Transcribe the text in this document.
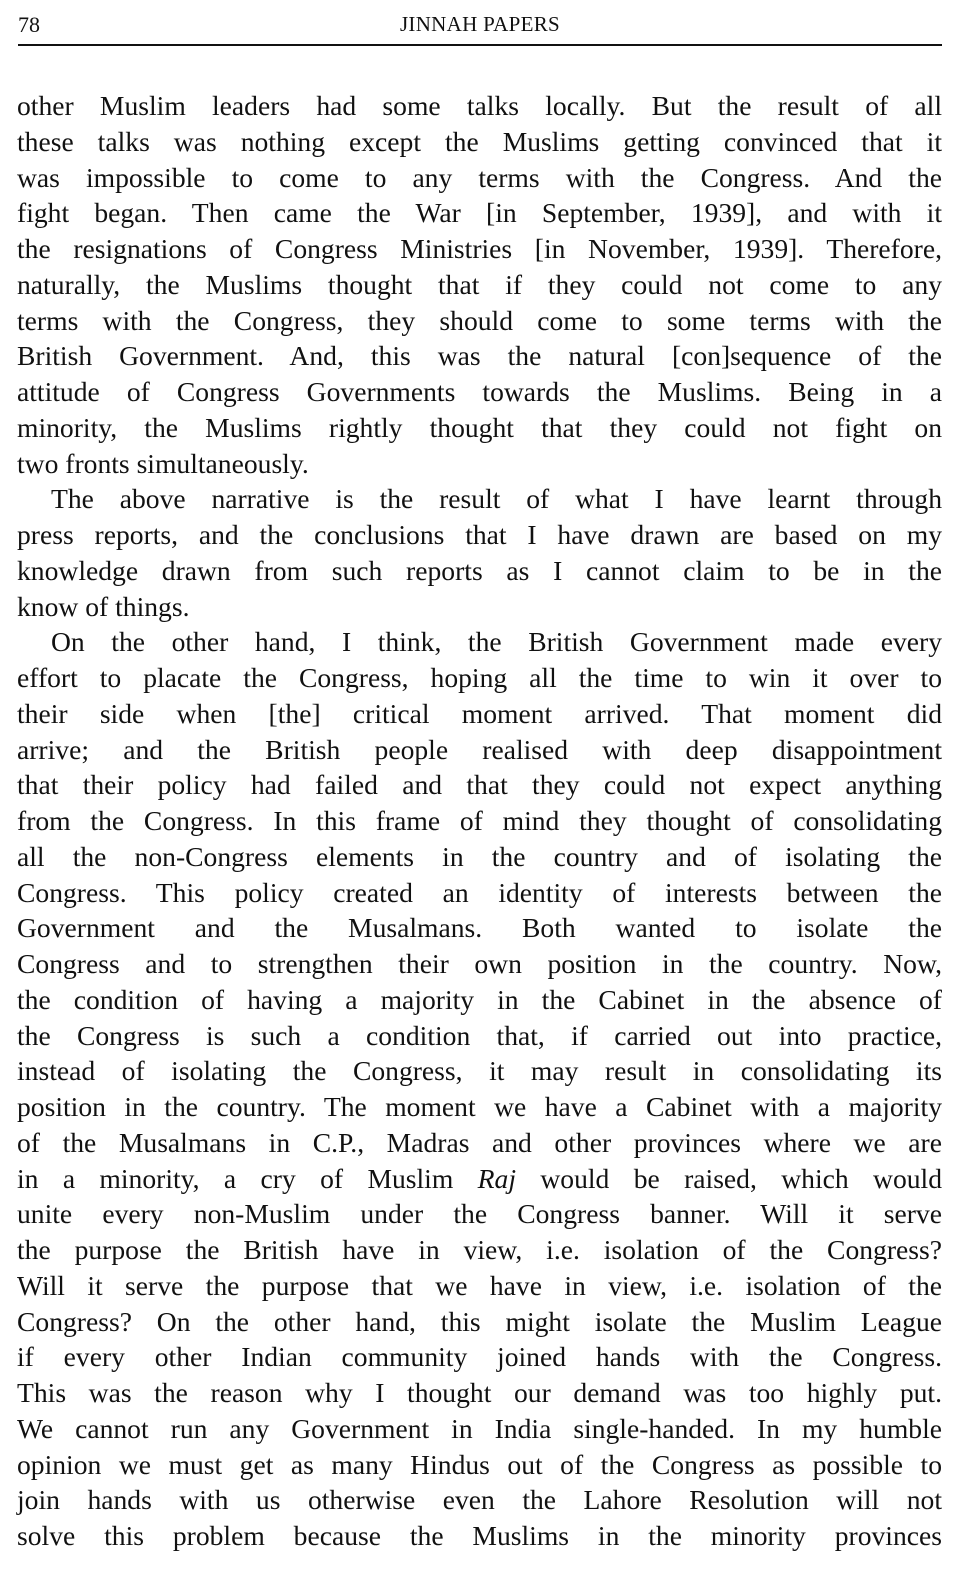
78	JINNAH PAPERS
other Muslim leaders had some talks locally. But the result of all
these talks was nothing except the Muslims getting convinced that it
was impossible to come to any terms with the Congress. And the
fight began. Then came the War [in September, 1939], and with it
the resignations of Congress Ministries [in November, 1939]. Therefore,
naturally, the Muslims thought that if they could not come to any
terms with the Congress, they should come to some terms with the
British Government. And, this was the natural [con]sequence of the
attitude of Congress Governments towards the Muslims. Being in a
minority, the Muslims rightly thought that they could not fight on
two fronts simultaneously.
The above narrative is the result of what I have learnt through
press reports, and the conclusions that I have drawn are based on my
knowledge drawn from such reports as I cannot claim to be in the
know of things.
On the other hand, I think, the British Government made every
effort to placate the Congress, hoping all the time to win it over to
their side when [the] critical moment arrived. That moment did
arrive; and the British people realised with deep disappointment
that their policy had failed and that they could not expect anything
from the Congress. In this frame of mind they thought of consolidating
all the non-Congress elements in the country and of isolating the
Congress. This policy created an identity of interests between the
Government and the Musalmans. Both wanted to isolate the
Congress and to strengthen their own position in the country. Now,
the condition of having a majority in the Cabinet in the absence of
the Congress is such a condition that, if carried out into practice,
instead of isolating the Congress, it may result in consolidating its
position in the country. The moment we have a Cabinet with a majority
of the Musalmans in C.P., Madras and other provinces where we are
in a minority, a cry of Muslim Raj would be raised, which would
unite every non-Muslim under the Congress banner. Will it serve
the purpose the British have in view, i.e. isolation of the Congress?
Will it serve the purpose that we have in view, i.e. isolation of the
Congress? On the other hand, this might isolate the Muslim League
if every other Indian community joined hands with the Congress.
This was the reason why I thought our demand was too highly put.
We cannot run any Government in India single-handed. In my humble
opinion we must get as many Hindus out of the Congress as possible to
join hands with us otherwise even the Lahore Resolution will not
solve this problem because the Muslims in the minority provinces
